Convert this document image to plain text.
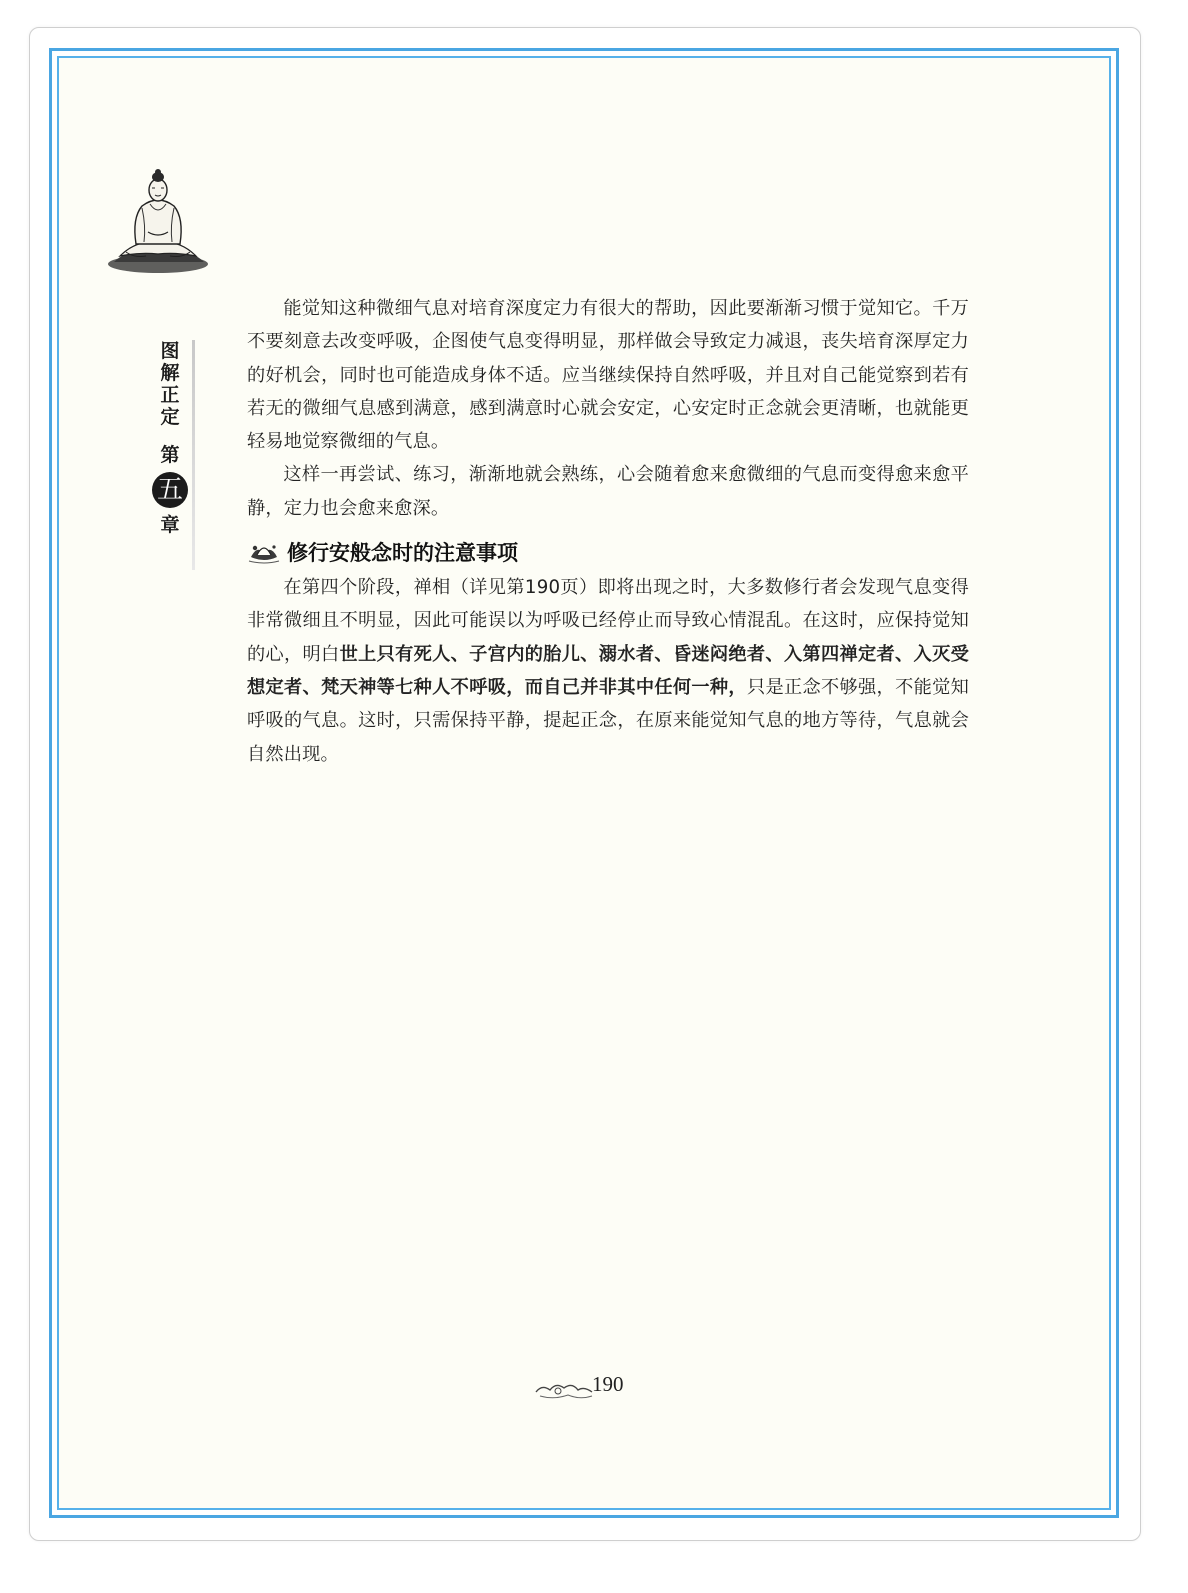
图
解
正
定
第
五
章

能觉知这种微细气息对培育深度定力有很大的帮助，因此要渐渐习惯于觉知它。千万不要刻意去改变呼吸，企图使气息变得明显，那样做会导致定力减退，丧失培育深厚定力的好机会，同时也可能造成身体不适。应当继续保持自然呼吸，并且对自己能觉察到若有若无的微细气息感到满意，感到满意时心就会安定，心安定时正念就会更清晰，也就能更轻易地觉察微细的气息。

这样一再尝试、练习，渐渐地就会熟练，心会随着愈来愈微细的气息而变得愈来愈平静，定力也会愈来愈深。

修行安般念时的注意事项

在第四个阶段，禅相（详见第190页）即将出现之时，大多数修行者会发现气息变得非常微细且不明显，因此可能误以为呼吸已经停止而导致心情混乱。在这时，应保持觉知的心，明白世上只有死人、子宫内的胎儿、溺水者、昏迷闷绝者、入第四禅定者、入灭受想定者、梵天神等七种人不呼吸，而自己并非其中任何一种，只是正念不够强，不能觉知呼吸的气息。这时，只需保持平静，提起正念，在原来能觉知气息的地方等待，气息就会自然出现。

190
